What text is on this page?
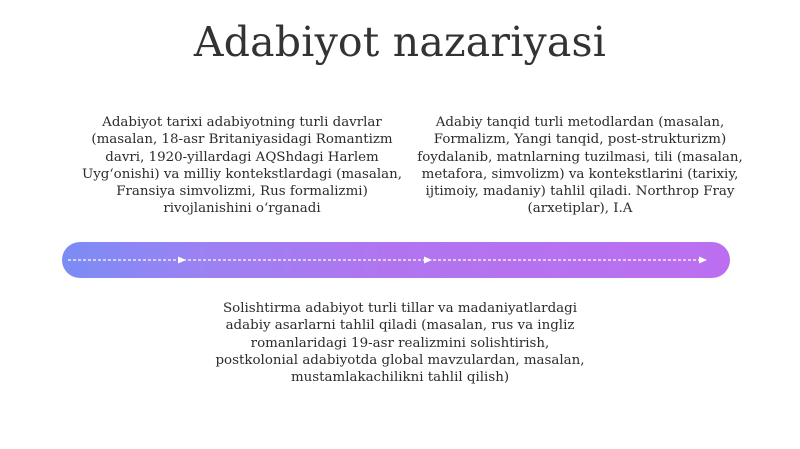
Adabiyot nazariyasi
Adabiyot tarixi adabiyotning turli davrlar (masalan, 18-asr Britaniyasidagi Romantizm davri, 1920-yillardagi AQShdagi Harlem Uyg‘onishi) va milliy kontekstlardagi (masalan, Fransiya simvolizmi, Rus formalizmi) rivojlanishini o‘rganadi
Adabiy tanqid turli metodlardan (masalan, Formalizm, Yangi tanqid, post-strukturizm) foydalanib, matnlarning tuzilmasi, tili (masalan, metafora, simvolizm) va kontekstlarini (tarixiy, ijtimoiy, madaniy) tahlil qiladi. Northrop Fray (arxetiplar), I.A
Solishtirma adabiyot turli tillar va madaniyatlardagi adabiy asarlarni tahlil qiladi (masalan, rus va ingliz romanlaridagi 19-asr realizmini solishtirish, postkolonial adabiyotda global mavzulardan, masalan, mustamlakachilikni tahlil qilish)
